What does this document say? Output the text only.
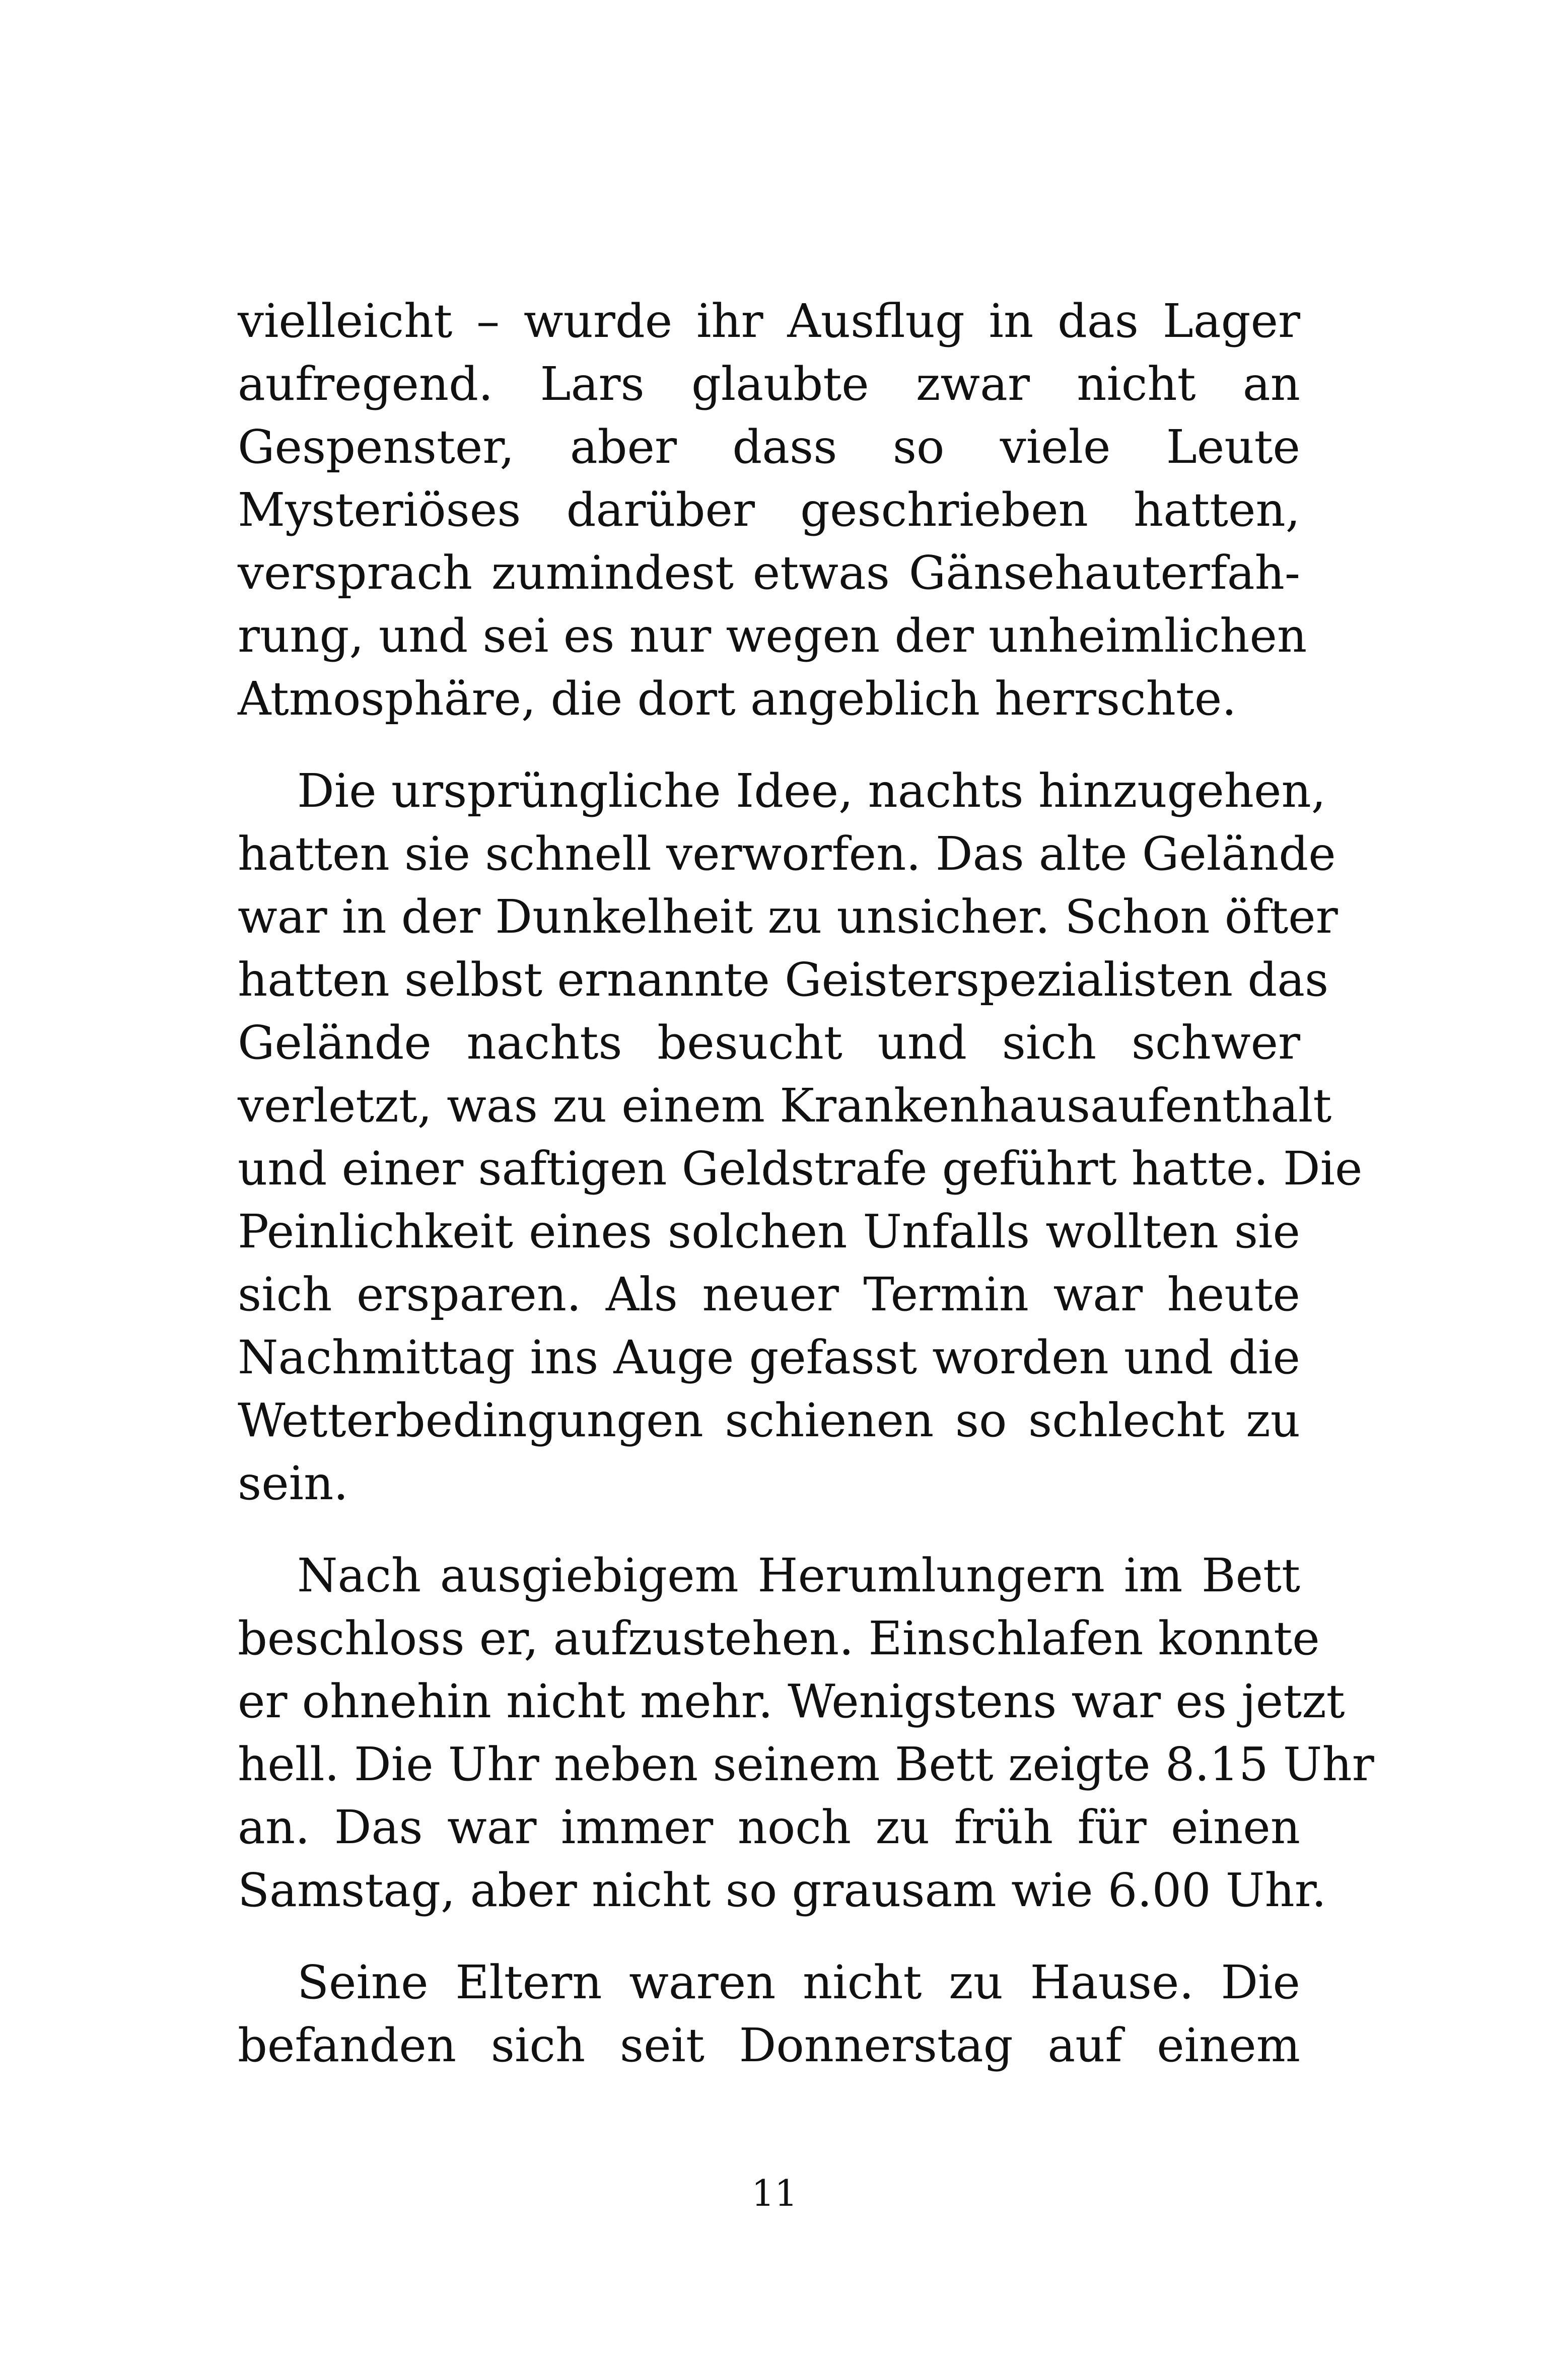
vielleicht – wurde ihr Ausflug in das Lager
aufregend. Lars glaubte zwar nicht an
Gespenster, aber dass so viele Leute
Mysteriöses darüber geschrieben hatten,
versprach zumindest etwas Gänsehauterfah-
rung, und sei es nur wegen der unheimlichen
Atmosphäre, die dort angeblich herrschte.
Die ursprüngliche Idee, nachts hinzugehen,
hatten sie schnell verworfen. Das alte Gelände
war in der Dunkelheit zu unsicher. Schon öfter
hatten selbst ernannte Geisterspezialisten das
Gelände nachts besucht und sich schwer
verletzt, was zu einem Krankenhausaufenthalt
und einer saftigen Geldstrafe geführt hatte. Die
Peinlichkeit eines solchen Unfalls wollten sie
sich ersparen. Als neuer Termin war heute
Nachmittag ins Auge gefasst worden und die
Wetterbedingungen schienen so schlecht zu
sein.
Nach ausgiebigem Herumlungern im Bett
beschloss er, aufzustehen. Einschlafen konnte
er ohnehin nicht mehr. Wenigstens war es jetzt
hell. Die Uhr neben seinem Bett zeigte 8.15 Uhr
an. Das war immer noch zu früh für einen
Samstag, aber nicht so grausam wie 6.00 Uhr.
Seine Eltern waren nicht zu Hause. Die
befanden sich seit Donnerstag auf einem
11
